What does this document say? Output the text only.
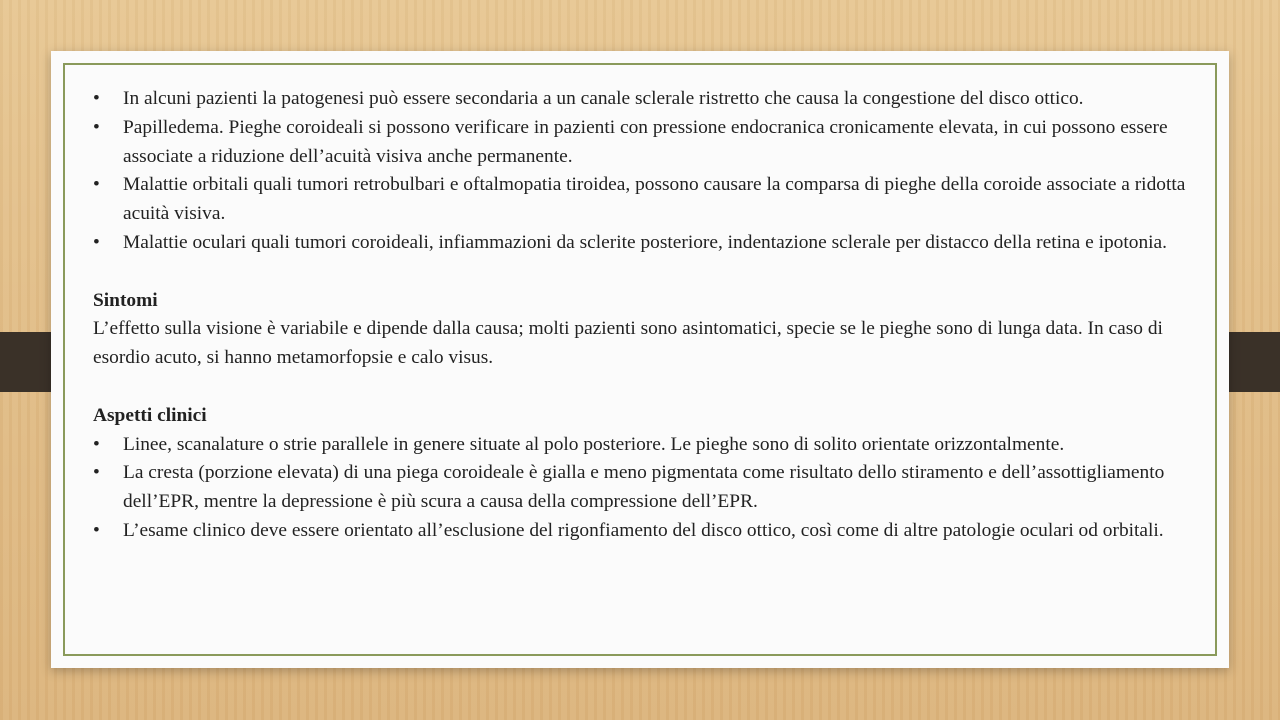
• In alcuni pazienti la patogenesi può essere secondaria a un canale sclerale ristretto che causa la congestione del disco ottico.
• Papilledema. Pieghe coroideali si possono verificare in pazienti con pressione endocranica cronicamente elevata, in cui possono essere associate a riduzione dell’acuità visiva anche permanente.
• Malattie orbitali quali tumori retrobulbari e oftalmopatia tiroidea, possono causare la comparsa di pieghe della coroide associate a ridotta acuità visiva.
• Malattie oculari quali tumori coroideali, infiammazioni da sclerite posteriore, indentazione sclerale per distacco della retina e ipotonia.
Sintomi

L’effetto sulla visione è variabile e dipende dalla causa; molti pazienti sono asintomatici, specie se le pieghe sono di lunga data. In caso di esordio acuto, si hanno metamorfopsie e calo visus.

Aspetti clinici
• Linee, scanalature o strie parallele in genere situate al polo posteriore. Le pieghe sono di solito orientate orizzontalmente.
• La cresta (porzione elevata) di una piega coroideale è gialla e meno pigmentata come risultato dello stiramento e dell’assottigliamento dell’EPR, mentre la depressione è più scura a causa della compressione dell’EPR.
• L’esame clinico deve essere orientato all’esclusione del rigonfiamento del disco ottico, così come di altre patologie oculari od orbitali.
